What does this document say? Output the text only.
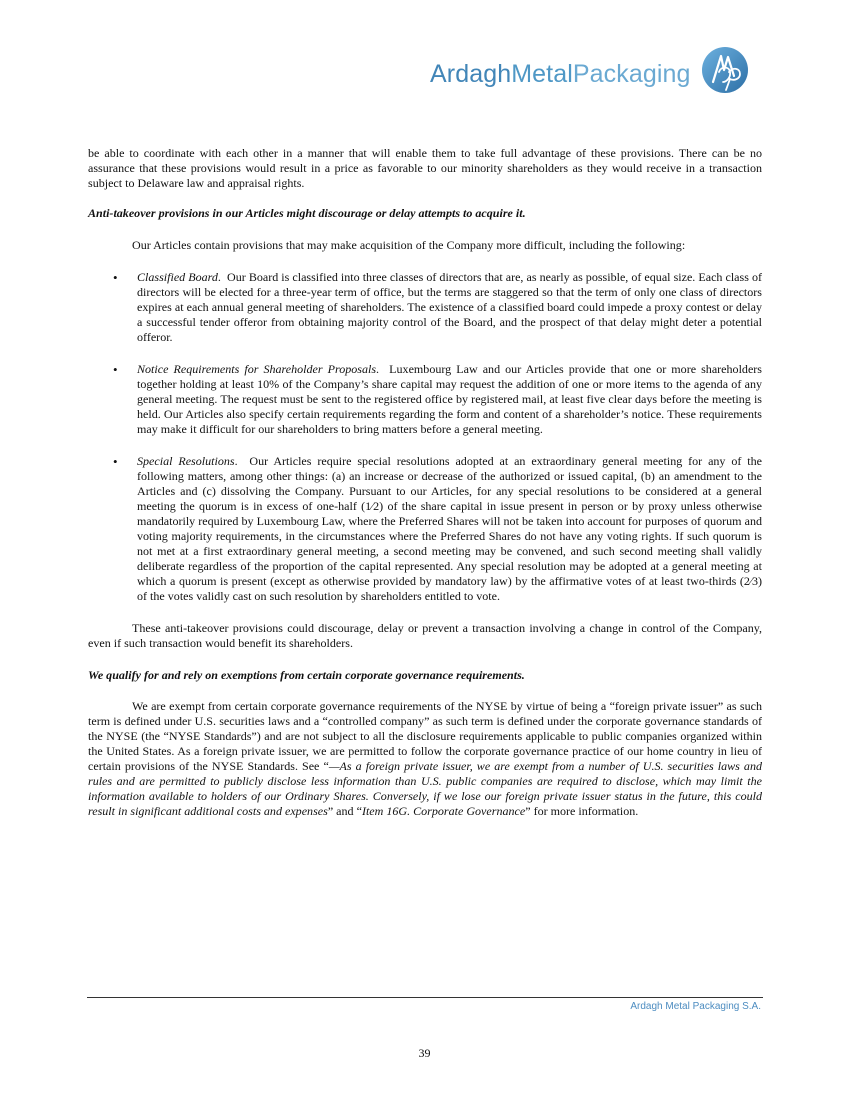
ArdaghMetalPackaging

be able to coordinate with each other in a manner that will enable them to take full advantage of these provisions. There can be no assurance that these provisions would result in a price as favorable to our minority shareholders as they would receive in a transaction subject to Delaware law and appraisal rights.

Anti-takeover provisions in our Articles might discourage or delay attempts to acquire it.

Our Articles contain provisions that may make acquisition of the Company more difficult, including the following:

• Classified Board.  Our Board is classified into three classes of directors that are, as nearly as possible, of equal size. Each class of directors will be elected for a three-year term of office, but the terms are staggered so that the term of only one class of directors expires at each annual general meeting of shareholders. The existence of a classified board could impede a proxy contest or delay a successful tender offeror from obtaining majority control of the Board, and the prospect of that delay might deter a potential offeror.

• Notice Requirements for Shareholder Proposals.  Luxembourg Law and our Articles provide that one or more shareholders together holding at least 10% of the Company’s share capital may request the addition of one or more items to the agenda of any general meeting. The request must be sent to the registered office by registered mail, at least five clear days before the meeting is held. Our Articles also specify certain requirements regarding the form and content of a shareholder’s notice. These requirements may make it difficult for our shareholders to bring matters before a general meeting.

• Special Resolutions.  Our Articles require special resolutions adopted at an extraordinary general meeting for any of the following matters, among other things: (a) an increase or decrease of the authorized or issued capital, (b) an amendment to the Articles and (c) dissolving the Company. Pursuant to our Articles, for any special resolutions to be considered at a general meeting the quorum is in excess of one-half (1⁄2) of the share capital in issue present in person or by proxy unless otherwise mandatorily required by Luxembourg Law, where the Preferred Shares will not be taken into account for purposes of quorum and voting majority requirements, in the circumstances where the Preferred Shares do not have any voting rights. If such quorum is not met at a first extraordinary general meeting, a second meeting may be convened, and such second meeting shall validly deliberate regardless of the proportion of the capital represented. Any special resolution may be adopted at a general meeting at which a quorum is present (except as otherwise provided by mandatory law) by the affirmative votes of at least two-thirds (2⁄3) of the votes validly cast on such resolution by shareholders entitled to vote.

These anti-takeover provisions could discourage, delay or prevent a transaction involving a change in control of the Company, even if such transaction would benefit its shareholders.

We qualify for and rely on exemptions from certain corporate governance requirements.

We are exempt from certain corporate governance requirements of the NYSE by virtue of being a “foreign private issuer” as such term is defined under U.S. securities laws and a “controlled company” as such term is defined under the corporate governance standards of the NYSE (the “NYSE Standards”) and are not subject to all the disclosure requirements applicable to public companies organized within the United States. As a foreign private issuer, we are permitted to follow the corporate governance practice of our home country in lieu of certain provisions of the NYSE Standards. See “—As a foreign private issuer, we are exempt from a number of U.S. securities laws and rules and are permitted to publicly disclose less information than U.S. public companies are required to disclose, which may limit the information available to holders of our Ordinary Shares. Conversely, if we lose our foreign private issuer status in the future, this could result in significant additional costs and expenses” and “Item 16G. Corporate Governance” for more information.

Ardagh Metal Packaging S.A.
39
